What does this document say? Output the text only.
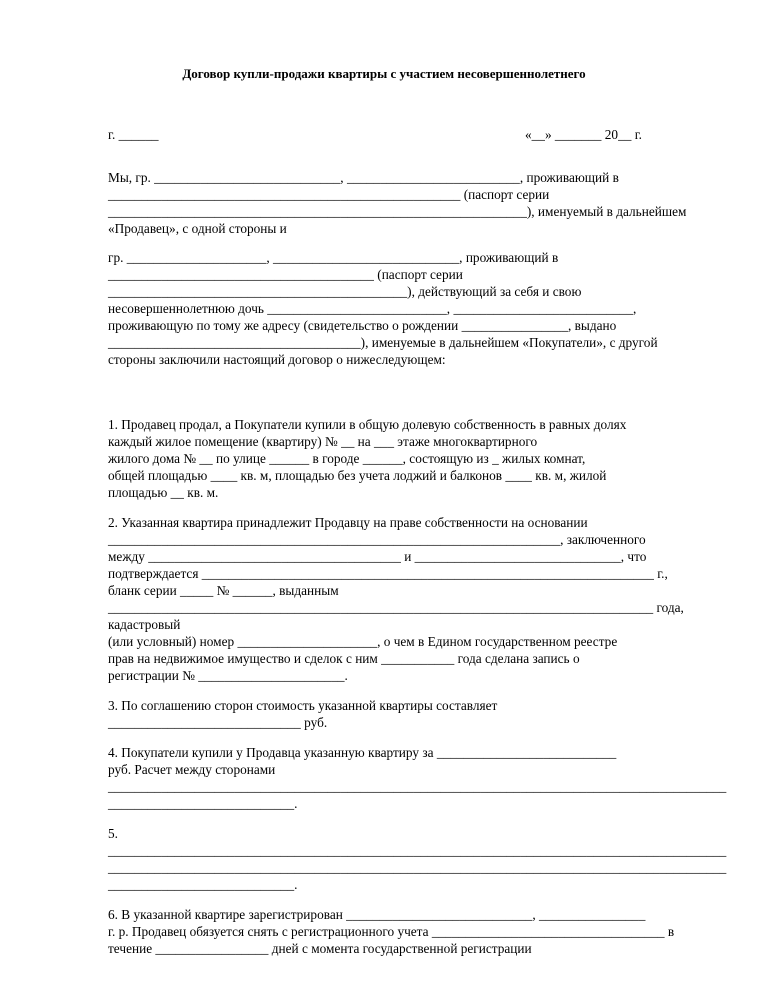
Договор купли-продажи квартиры с участием несовершеннолетнего
г. ______	«__» _______ 20__ г.
Мы, гр. ____________________________, __________________________, проживающий в
_____________________________________________________ (паспорт серии
_______________________________________________________________), именуемый в дальнейшем
«Продавец», с одной стороны и
гр. _____________________, ____________________________, проживающий в
________________________________________ (паспорт серии
_____________________________________________), действующий за себя и свою
несовершеннолетнюю дочь ___________________________, ___________________________,
проживающую по тому же адресу (свидетельство о рождении ________________, выдано
______________________________________), именуемые в дальнейшем «Покупатели», с другой
стороны заключили настоящий договор о нижеследующем:
1. Продавец продал, а Покупатели купили в общую долевую собственность в равных долях
каждый жилое помещение (квартиру) № __ на ___ этаже многоквартирного
жилого дома № __ по улице ______ в городе ______, состоящую из _ жилых комнат,
общей площадью ____ кв. м, площадью без учета лоджий и балконов ____ кв. м, жилой
площадью __ кв. м.
2. Указанная квартира принадлежит Продавцу на праве собственности на основании
____________________________________________________________________, заключенного
между ______________________________________ и _______________________________, что
подтверждается ____________________________________________________________________ г.,
бланк серии _____ № ______, выданным
__________________________________________________________________________________ года,
кадастровый
(или условный) номер _____________________, о чем в Едином государственном реестре
прав на недвижимое имущество и сделок с ним ___________ года сделана запись о
регистрации № ______________________.
3. По соглашению сторон стоимость указанной квартиры составляет
_____________________________ руб.
4. Покупатели купили у Продавца указанную квартиру за ___________________________
руб. Расчет между сторонами
_____________________________________________________________________________________________
____________________________.
5.
_____________________________________________________________________________________________
_____________________________________________________________________________________________
____________________________.
6. В указанной квартире зарегистрирован ____________________________, ________________
г. р. Продавец обязуется снять с регистрационного учета ___________________________________ в
течение _________________ дней с момента государственной регистрации
